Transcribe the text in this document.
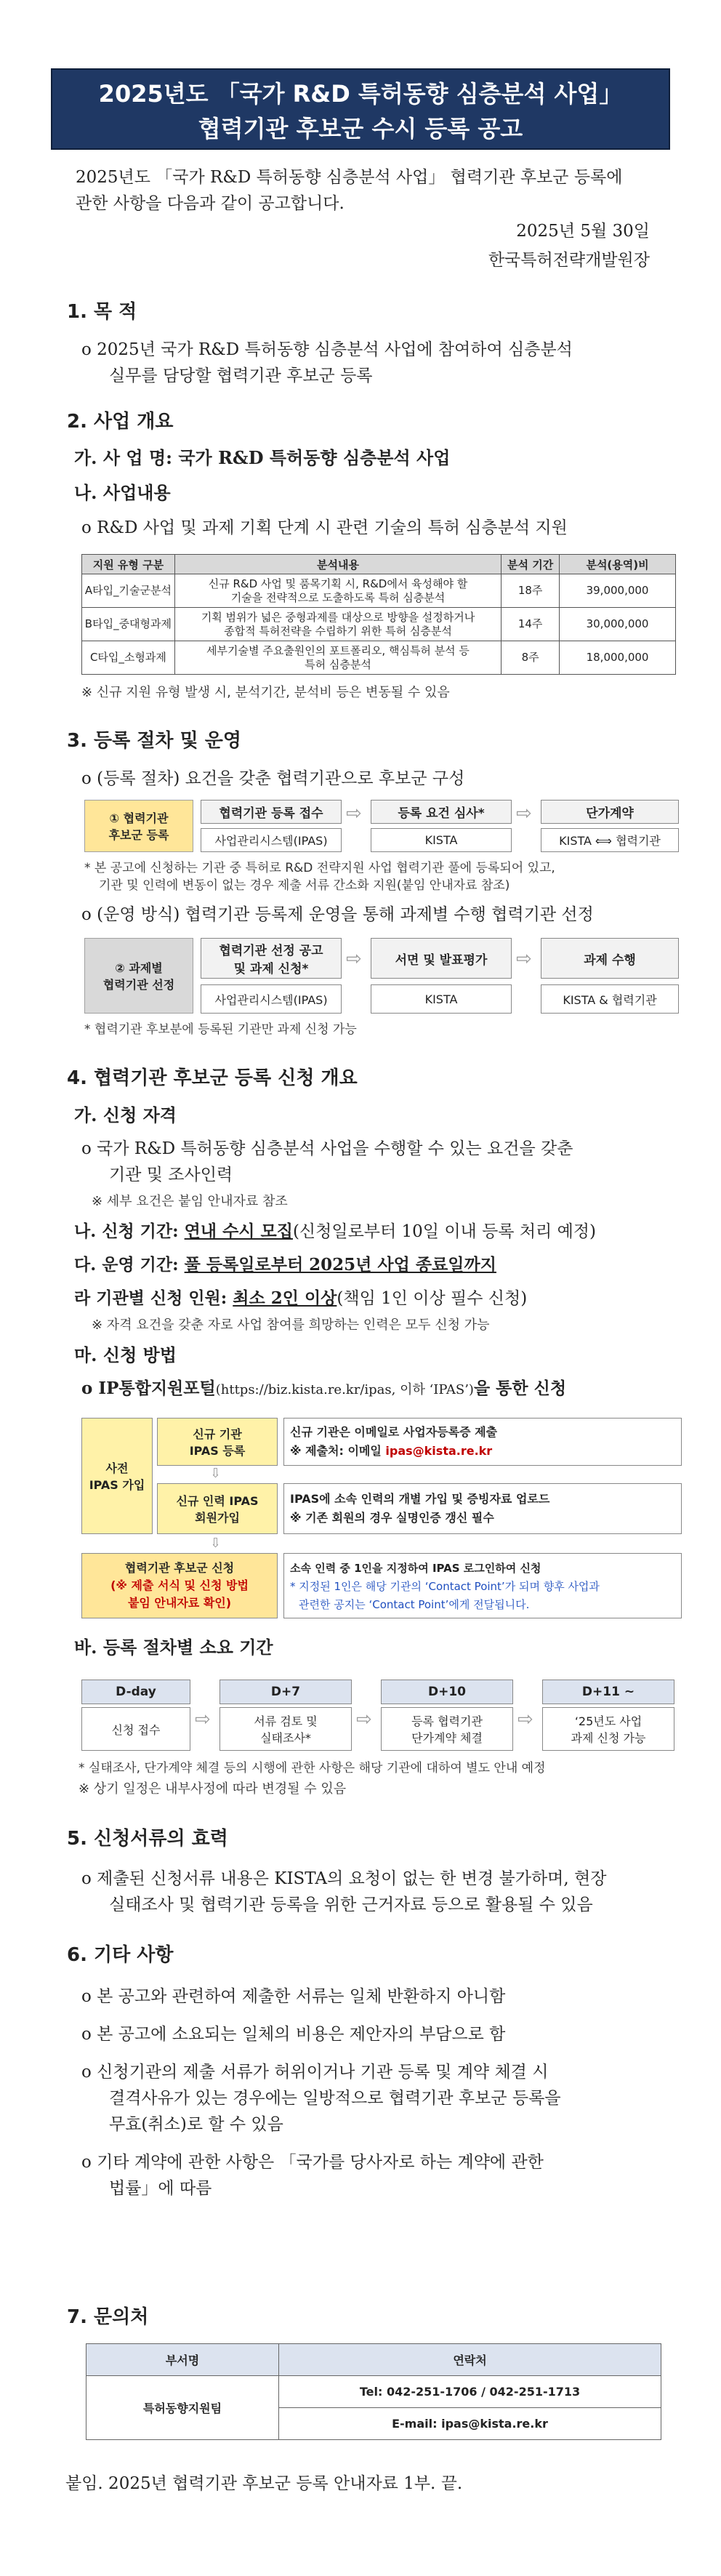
2025년도 「국가 R&D 특허동향 심층분석 사업」
협력기관 후보군 수시 등록 공고
2025년도 「국가 R&D 특허동향 심층분석 사업」 협력기관 후보군 등록에
관한 사항을 다음과 같이 공고합니다.
2025년 5월 30일
한국특허전략개발원장
1. 목 적
o 2025년 국가 R&D 특허동향 심층분석 사업에 참여하여 심층분석
실무를 담당할 협력기관 후보군 등록
2. 사업 개요
가. 사 업 명: 국가 R&D 특허동향 심층분석 사업
나. 사업내용
o R&D 사업 및 과제 기획 단계 시 관련 기술의 특허 심층분석 지원
지원 유형 구분	분석내용	분석 기간	분석(용역)비
A타입_기술군분석	신규 R&D 사업 및 품목기획 시, R&D에서 육성해야 할
기술을 전략적으로 도출하도록 특허 심층분석	18주	39,000,000
B타입_중대형과제	기획 범위가 넓은 중형과제를 대상으로 방향을 설정하거나
종합적 특허전략을 수립하기 위한 특허 심층분석	14주	30,000,000
C타입_소형과제	세부기술별 주요출원인의 포트폴리오, 핵심특허 분석 등
특허 심층분석	8주	18,000,000
※ 신규 지원 유형 발생 시, 분석기간, 분석비 등은 변동될 수 있음
3. 등록 절차 및 운영
o (등록 절차) 요건을 갖춘 협력기관으로 후보군 구성
① 협력기관
후보군 등록
협력기관 등록 접수
사업관리시스템(IPAS)
⇨	등록 요건 심사*
KISTA
⇨	단가계약
KISTA ⟺ 협력기관
* 본 공고에 신청하는 기관 중 특허로 R&D 전략지원 사업 협력기관 풀에 등록되어 있고,
기관 및 인력에 변동이 없는 경우 제출 서류 간소화 지원(붙임 안내자료 참조)
o (운영 방식) 협력기관 등록제 운영을 통해 과제별 수행 협력기관 선정
② 과제별
협력기관 선정
협력기관 선정 공고
및 과제 신청*
사업관리시스템(IPAS)
⇨	서면 및 발표평가
KISTA
⇨	과제 수행
KISTA & 협력기관
* 협력기관 후보분에 등록된 기관만 과제 신청 가능
4. 협력기관 후보군 등록 신청 개요
가. 신청 자격
o 국가 R&D 특허동향 심층분석 사업을 수행할 수 있는 요건을 갖춘
기관 및 조사인력
※ 세부 요건은 붙임 안내자료 참조
나. 신청 기간: 연내 수시 모집(신청일로부터 10일 이내 등록 처리 예정)
다. 운영 기간: 풀 등록일로부터 2025년 사업 종료일까지
라 기관별 신청 인원: 최소 2인 이상(책임 1인 이상 필수 신청)
※ 자격 요건을 갖춘 자로 사업 참여를 희망하는 인력은 모두 신청 가능
마. 신청 방법
o IP통합지원포털(https://biz.kista.re.kr/ipas, 이하 ‘IPAS’)을 통한 신청
사전
IPAS 가입
신규 기관
IPAS 등록
⇩
신규 인력 IPAS
회원가입
신규 기관은 이메일로 사업자등록증 제출
※ 제출처: 이메일 ipas@kista.re.kr
IPAS에 소속 인력의 개별 가입 및 증빙자료 업로드
※ 기존 회원의 경우 실명인증 갱신 필수
⇩
협력기관 후보군 신청
(※ 제출 서식 및 신청 방법
붙임 안내자료 확인)
소속 인력 중 1인을 지정하여 IPAS 로그인하여 신청
* 지정된 1인은 해당 기관의 ‘Contact Point’가 되며 향후 사업과
관련한 공지는 ‘Contact Point’에게 전달됩니다.
바. 등록 절차별 소요 기간
D-day
신청 접수	⇨
D+7
서류 검토 및
실태조사*
⇨
D+10
등록 협력기관
단가계약 체결
⇨
D+11 ~
‘25년도 사업
과제 신청 가능
* 실태조사, 단가계약 체결 등의 시행에 관한 사항은 해당 기관에 대하여 별도 안내 예정
※ 상기 일정은 내부사정에 따라 변경될 수 있음
5. 신청서류의 효력
o 제출된 신청서류 내용은 KISTA의 요청이 없는 한 변경 불가하며, 현장
실태조사 및 협력기관 등록을 위한 근거자료 등으로 활용될 수 있음
6. 기타 사항
o 본 공고와 관련하여 제출한 서류는 일체 반환하지 아니함
o 본 공고에 소요되는 일체의 비용은 제안자의 부담으로 함
o 신청기관의 제출 서류가 허위이거나 기관 등록 및 계약 체결 시
결격사유가 있는 경우에는 일방적으로 협력기관 후보군 등록을
무효(취소)로 할 수 있음
o 기타 계약에 관한 사항은 「국가를 당사자로 하는 계약에 관한
법률」에 따름
7. 문의처
부서명	연락처
특허동향지원팀	Tel: 042-251-1706 / 042-251-1713
	E-mail: ipas@kista.re.kr
붙임. 2025년 협력기관 후보군 등록 안내자료 1부. 끝.
